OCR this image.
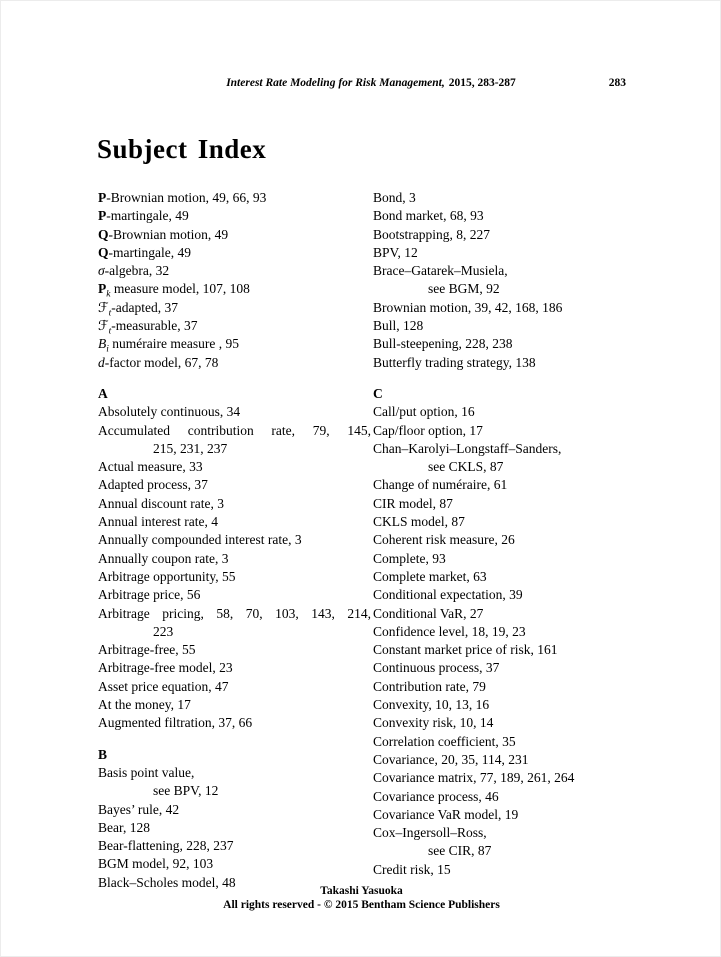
Interest Rate Modeling for Risk Management, 2015, 283-287	283
Subject Index
P-Brownian motion, 49, 66, 93
P-martingale, 49
Q-Brownian motion, 49
Q-martingale, 49
σ-algebra, 32
$P_k$ measure model, 107, 108
ℱ$_t$-adapted, 37
ℱ$_t$-measurable, 37
$B_i$ numéraire measure , 95
d-factor model, 67, 78
A
Absolutely continuous, 34
Accumulated contribution rate, 79, 145,
215, 231, 237
Actual measure, 33
Adapted process, 37
Annual discount rate, 3
Annual interest rate, 4
Annually compounded interest rate, 3
Annually coupon rate, 3
Arbitrage opportunity, 55
Arbitrage price, 56
Arbitrage pricing, 58, 70, 103, 143, 214,
223
Arbitrage-free, 55
Arbitrage-free model, 23
Asset price equation, 47
At the money, 17
Augmented filtration, 37, 66
B
Basis point value,
see BPV, 12
Bayes’ rule, 42
Bear, 128
Bear-flattening, 228, 237
BGM model, 92, 103
Black–Scholes model, 48
Bond, 3
Bond market, 68, 93
Bootstrapping, 8, 227
BPV, 12
Brace–Gatarek–Musiela,
see BGM, 92
Brownian motion, 39, 42, 168, 186
Bull, 128
Bull-steepening, 228, 238
Butterfly trading strategy, 138
C
Call/put option, 16
Cap/floor option, 17
Chan–Karolyi–Longstaff–Sanders,
see CKLS, 87
Change of numéraire, 61
CIR model, 87
CKLS model, 87
Coherent risk measure, 26
Complete, 93
Complete market, 63
Conditional expectation, 39
Conditional VaR, 27
Confidence level, 18, 19, 23
Constant market price of risk, 161
Continuous process, 37
Contribution rate, 79
Convexity, 10, 13, 16
Convexity risk, 10, 14
Correlation coefficient, 35
Covariance, 20, 35, 114, 231
Covariance matrix, 77, 189, 261, 264
Covariance process, 46
Covariance VaR model, 19
Cox–Ingersoll–Ross,
see CIR, 87
Credit risk, 15
Takashi Yasuoka
All rights reserved - © 2015 Bentham Science Publishers
